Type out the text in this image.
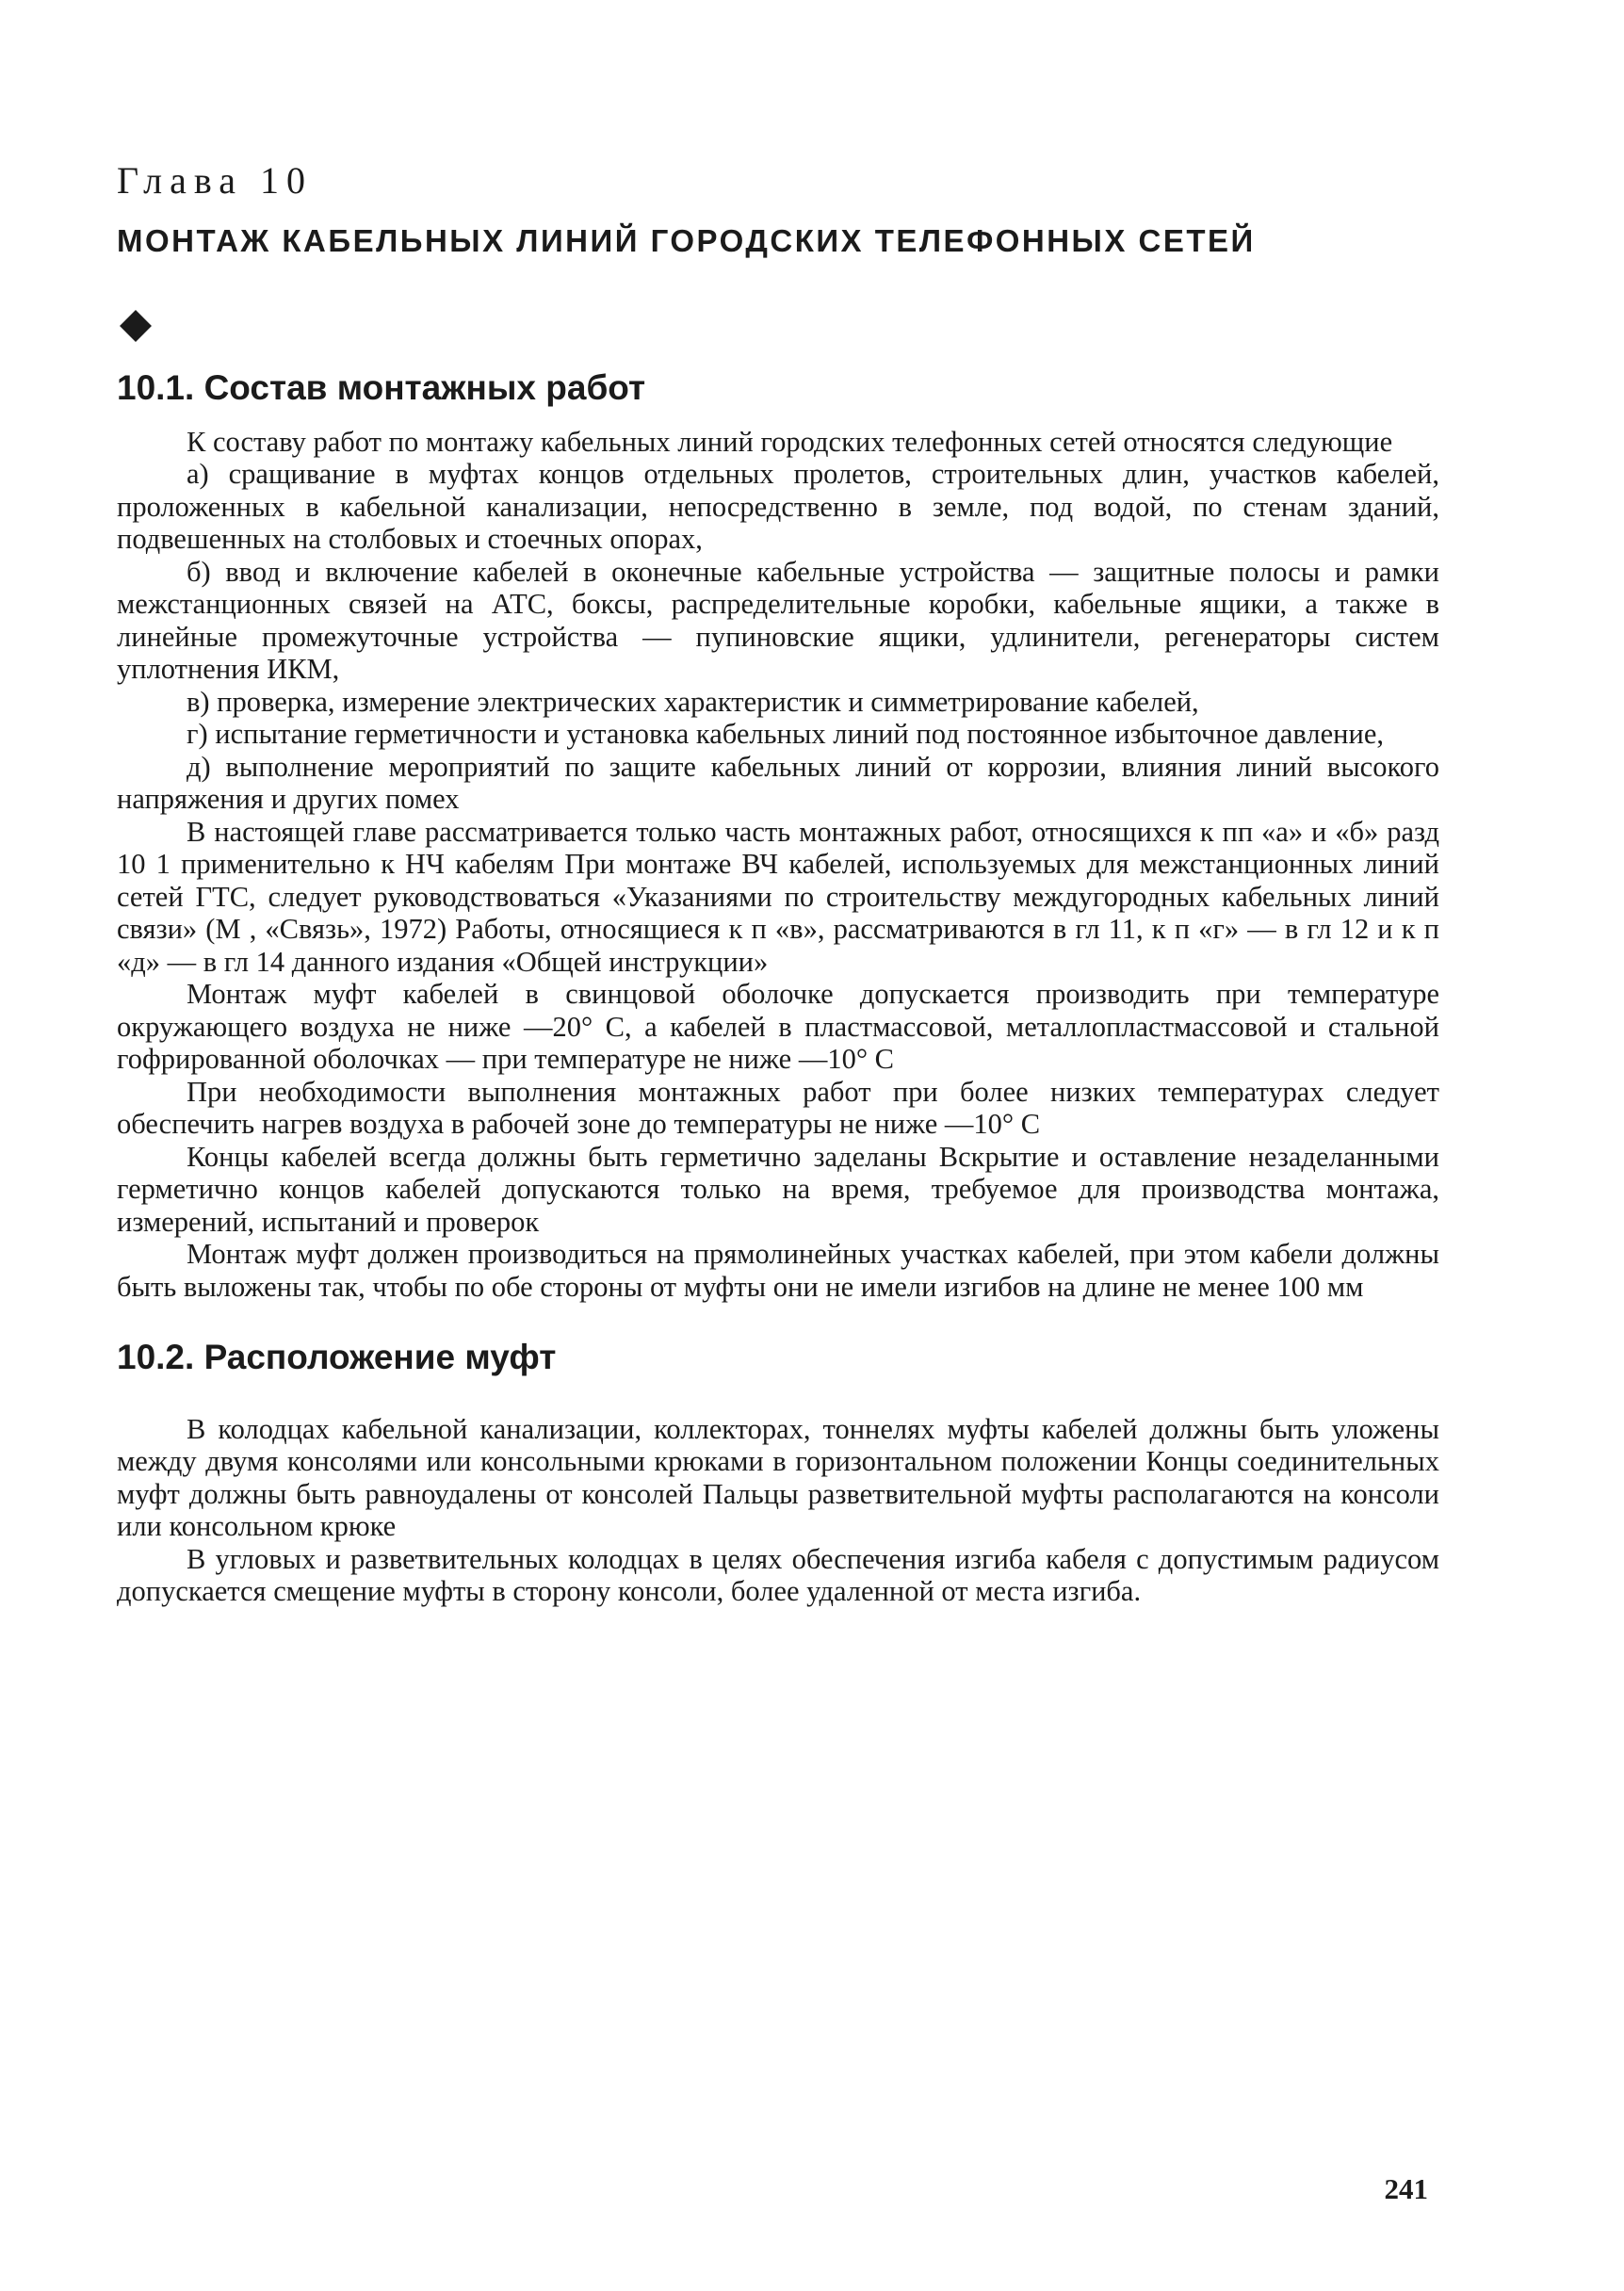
Глава 10
МОНТАЖ КАБЕЛЬНЫХ ЛИНИЙ ГОРОДСКИХ ТЕЛЕФОННЫХ СЕТЕЙ
10.1. Состав монтажных работ

К составу работ по монтажу кабельных линий городских телефонных сетей относятся следующие

а) сращивание в муфтах концов отдельных пролетов, строительных длин, участков кабелей, проложенных в кабельной канализации, непосредственно в земле, под водой, по стенам зданий, подвешенных на столбовых и стоечных опорах,

б) ввод и включение кабелей в оконечные кабельные устройства — защитные полосы и рамки межстанционных связей на АТС, боксы, распределительные коробки, кабельные ящики, а также в линейные промежуточные устройства — пупиновские ящики, удлинители, регенераторы систем уплотнения ИКМ,

в) проверка, измерение электрических характеристик и симметрирование кабелей,

г) испытание герметичности и установка кабельных линий под постоянное избыточное давление,

д) выполнение мероприятий по защите кабельных линий от коррозии, влияния линий высокого напряжения и других помех

В настоящей главе рассматривается только часть монтажных работ, относящихся к пп «а» и «б» разд 10 1 применительно к НЧ кабелям При монтаже ВЧ кабелей, используемых для межстанционных линий сетей ГТС, следует руководствоваться «Указаниями по строительству междугородных кабельных линий связи» (М , «Связь», 1972) Работы, относящиеся к п «в», рассматриваются в гл 11, к п «г» — в гл 12 и к п «д» — в гл 14 данного издания «Общей инструкции»

Монтаж муфт кабелей в свинцовой оболочке допускается производить при температуре окружающего воздуха не ниже —20° С, а кабелей в пластмассовой, металлопластмассовой и стальной гофрированной оболочках — при температуре не ниже —10° С

При необходимости выполнения монтажных работ при более низких температурах следует обеспечить нагрев воздуха в рабочей зоне до температуры не ниже —10° С

Концы кабелей всегда должны быть герметично заделаны Вскрытие и оставление незаделанными герметично концов кабелей допускаются только на время, требуемое для производства монтажа, измерений, испытаний и проверок

Монтаж муфт должен производиться на прямолинейных участках кабелей, при этом кабели должны быть выложены так, чтобы по обе стороны от муфты они не имели изгибов на длине не менее 100 мм

10.2. Расположение муфт

В колодцах кабельной канализации, коллекторах, тоннелях муфты кабелей должны быть уложены между двумя консолями или консольными крюками в горизонтальном положении Концы соединительных муфт должны быть равноудалены от консолей Пальцы разветвительной муфты располагаются на консоли или консольном крюке

В угловых и разветвительных колодцах в целях обеспечения изгиба кабеля с допустимым радиусом допускается смещение муфты в сторону консоли, более удаленной от места изгиба.

241
